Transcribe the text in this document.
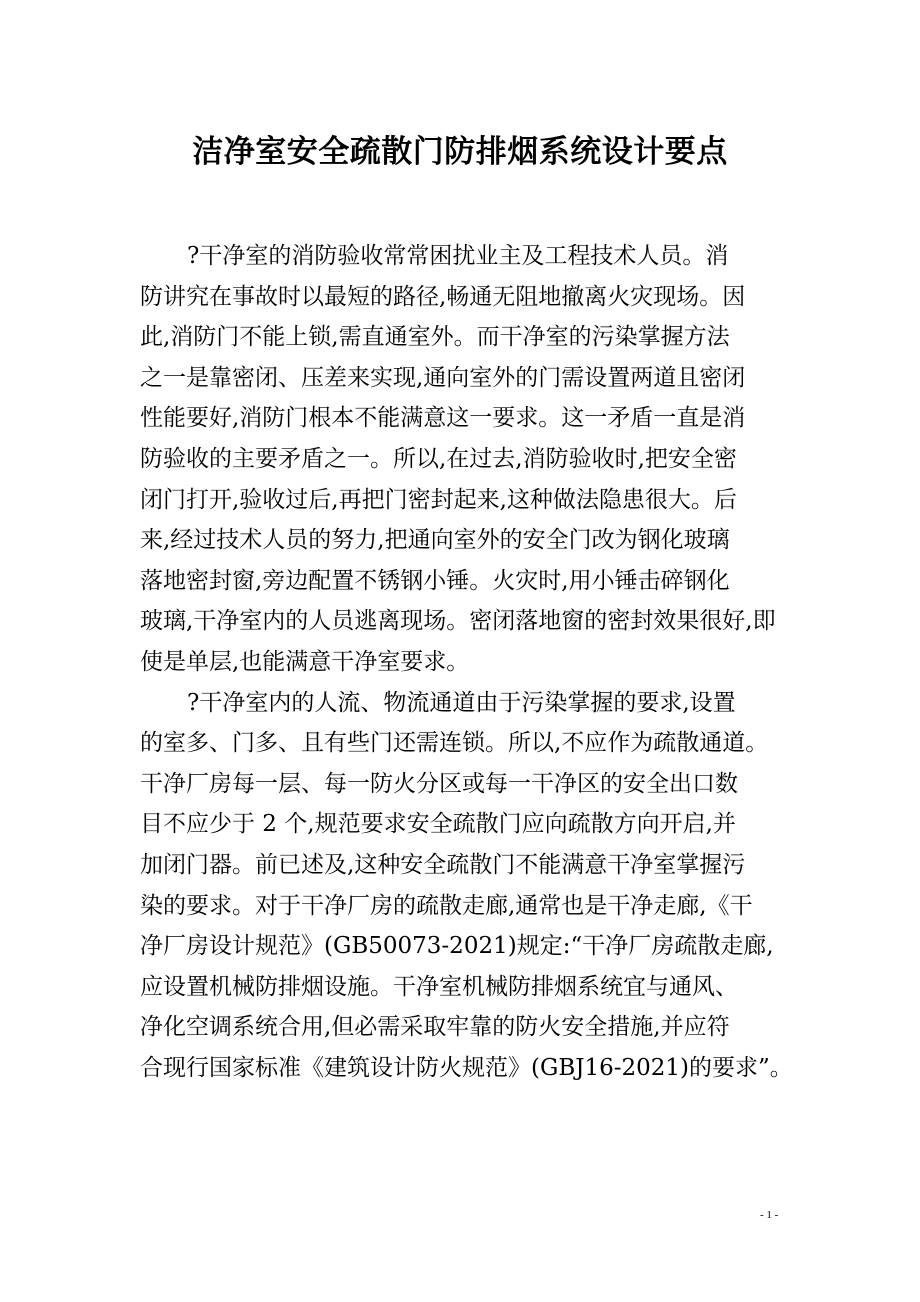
洁净室安全疏散门防排烟系统设计要点
?干净室的消防验收常常困扰业主及工程技术人员。消
防讲究在事故时以最短的路径,畅通无阻地撤离火灾现场。因
此,消防门不能上锁,需直通室外。而干净室的污染掌握方法
之一是靠密闭、压差来实现,通向室外的门需设置两道且密闭
性能要好,消防门根本不能满意这一要求。这一矛盾一直是消
防验收的主要矛盾之一。所以,在过去,消防验收时,把安全密
闭门打开,验收过后,再把门密封起来,这种做法隐患很大。后
来,经过技术人员的努力,把通向室外的安全门改为钢化玻璃
落地密封窗,旁边配置不锈钢小锤。火灾时,用小锤击碎钢化
玻璃,干净室内的人员逃离现场。密闭落地窗的密封效果很好,即
使是单层,也能满意干净室要求。
?干净室内的人流、物流通道由于污染掌握的要求,设置
的室多、门多、且有些门还需连锁。所以,不应作为疏散通道。
干净厂房每一层、每一防火分区或每一干净区的安全出口数
目不应少于 2 个,规范要求安全疏散门应向疏散方向开启,并
加闭门器。前已述及,这种安全疏散门不能满意干净室掌握污
染的要求。对于干净厂房的疏散走廊,通常也是干净走廊,《干
净厂房设计规范》(GB50073-2021)规定:“干净厂房疏散走廊,
应设置机械防排烟设施。干净室机械防排烟系统宜与通风、
净化空调系统合用,但必需采取牢靠的防火安全措施,并应符
合现行国家标准《建筑设计防火规范》(GBJ16-2021)的要求”。
- 1 -
